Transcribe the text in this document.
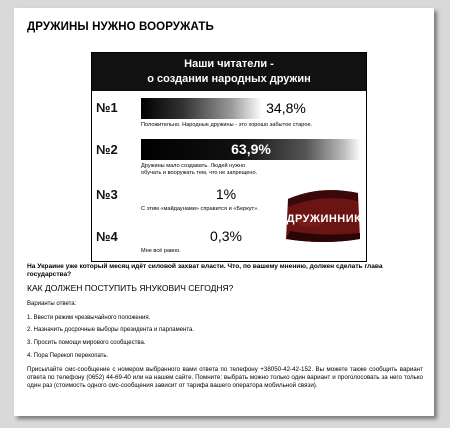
ДРУЖИНЫ НУЖНО ВООРУЖАТЬ
Наши читатели -
о создании народных дружин
№1	34,8%
Положительно. Народные дружины - это хорошо забытое старое.
№2	63,9%
Дружины мало создавать. Людей нужно обучать и вооружать тем, что не запрещено.
№3	1%
С этим «майдаунами» справится и «Беркут».
№4	0,3%
Мне всё равно.
ДРУЖИННИК
На Украине уже который месяц идёт силовой захват власти. Что, по вашему мнению, должен сделать глава государства?
КАК ДОЛЖЕН ПОСТУПИТЬ ЯНУКОВИЧ СЕГОДНЯ?
Варианты ответа:
1. Ввести режим чрезвычайного положения.
2. Назначить досрочные выборы президента и парламента.
3. Просить помощи мирового сообщества.
4. Пора Перекоп перекопать.
Присылайте смс-сообщение с номером выбранного вами ответа по телефону +38050-42-42-152. Вы можете также сообщить вариант ответа по телефону (0652) 44-69-40 или на нашем сайте. Помните: выбрать можно только один вариант и проголосовать за него только один раз (стоимость одного смс-сообщения зависит от тарифа вашего оператора мобильной связи).
